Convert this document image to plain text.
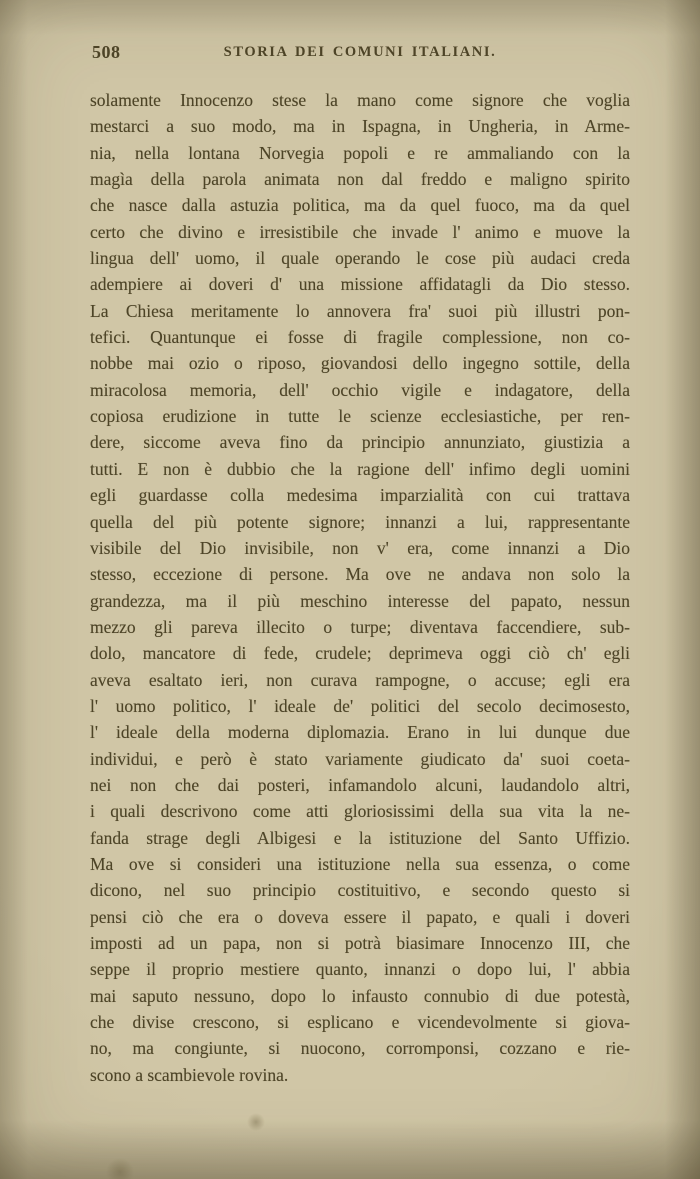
508	STORIA DEI COMUNI ITALIANI.
solamente Innocenzo stese la mano come signore che voglia
mestarci a suo modo, ma in Ispagna, in Ungheria, in Arme-
nia, nella lontana Norvegia popoli e re ammaliando con la
magìa della parola animata non dal freddo e maligno spirito
che nasce dalla astuzia politica, ma da quel fuoco, ma da quel
certo che divino e irresistibile che invade l' animo e muove la
lingua dell' uomo, il quale operando le cose più audaci creda
adempiere ai doveri d' una missione affidatagli da Dio stesso.
La Chiesa meritamente lo annovera fra' suoi più illustri pon-
tefici. Quantunque ei fosse di fragile complessione, non co-
nobbe mai ozio o riposo, giovandosi dello ingegno sottile, della
miracolosa memoria, dell' occhio vigile e indagatore, della
copiosa erudizione in tutte le scienze ecclesiastiche, per ren-
dere, siccome aveva fino da principio annunziato, giustizia a
tutti. E non è dubbio che la ragione dell' infimo degli uomini
egli guardasse colla medesima imparzialità con cui trattava
quella del più potente signore; innanzi a lui, rappresentante
visibile del Dio invisibile, non v' era, come innanzi a Dio
stesso, eccezione di persone. Ma ove ne andava non solo la
grandezza, ma il più meschino interesse del papato, nessun
mezzo gli pareva illecito o turpe; diventava faccendiere, sub-
dolo, mancatore di fede, crudele; deprimeva oggi ciò ch' egli
aveva esaltato ieri, non curava rampogne, o accuse; egli era
l' uomo politico, l' ideale de' politici del secolo decimosesto,
l' ideale della moderna diplomazia. Erano in lui dunque due
individui, e però è stato variamente giudicato da' suoi coeta-
nei non che dai posteri, infamandolo alcuni, laudandolo altri,
i quali descrivono come atti gloriosissimi della sua vita la ne-
fanda strage degli Albigesi e la istituzione del Santo Uffizio.
Ma ove si consideri una istituzione nella sua essenza, o come
dicono, nel suo principio costituitivo, e secondo questo si
pensi ciò che era o doveva essere il papato, e quali i doveri
imposti ad un papa, non si potrà biasimare Innocenzo III, che
seppe il proprio mestiere quanto, innanzi o dopo lui, l' abbia
mai saputo nessuno, dopo lo infausto connubio di due potestà,
che divise crescono, si esplicano e vicendevolmente si giova-
no, ma congiunte, si nuocono, corromponsi, cozzano e rie-
scono a scambievole rovina.
